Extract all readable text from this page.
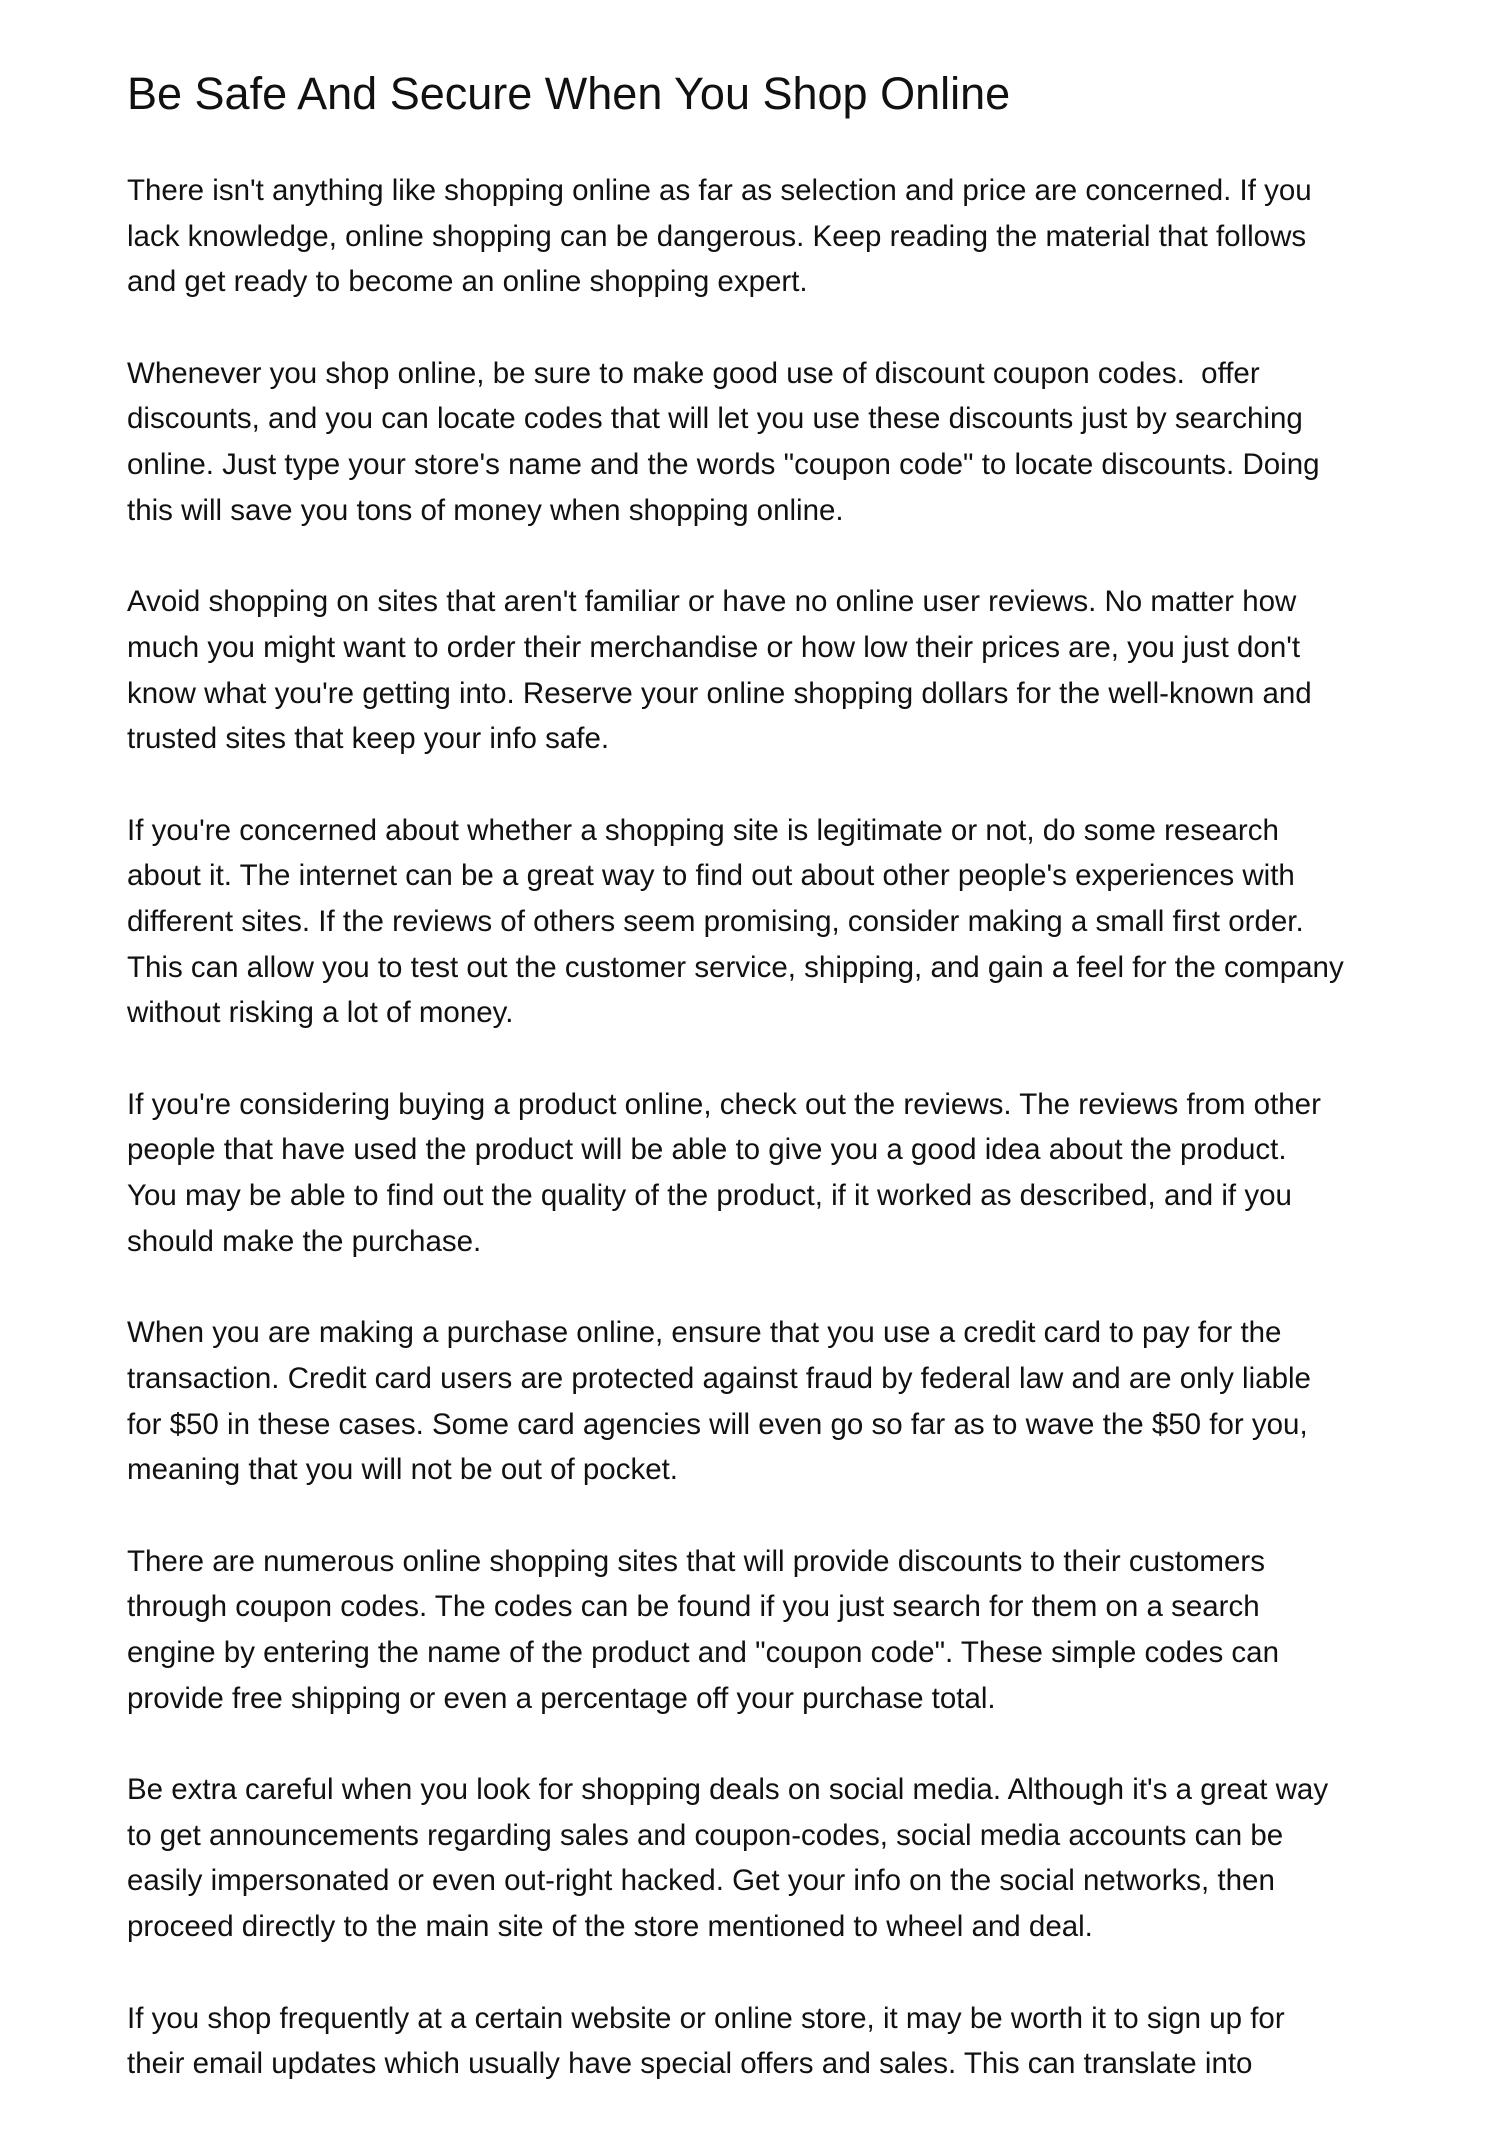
Be Safe And Secure When You Shop Online
There isn't anything like shopping online as far as selection and price are concerned. If you
lack knowledge, online shopping can be dangerous. Keep reading the material that follows
and get ready to become an online shopping expert.
Whenever you shop online, be sure to make good use of discount coupon codes.  offer
discounts, and you can locate codes that will let you use these discounts just by searching
online. Just type your store's name and the words "coupon code" to locate discounts. Doing
this will save you tons of money when shopping online.
Avoid shopping on sites that aren't familiar or have no online user reviews. No matter how
much you might want to order their merchandise or how low their prices are, you just don't
know what you're getting into. Reserve your online shopping dollars for the well-known and
trusted sites that keep your info safe.
If you're concerned about whether a shopping site is legitimate or not, do some research
about it. The internet can be a great way to find out about other people's experiences with
different sites. If the reviews of others seem promising, consider making a small first order.
This can allow you to test out the customer service, shipping, and gain a feel for the company
without risking a lot of money.
If you're considering buying a product online, check out the reviews. The reviews from other
people that have used the product will be able to give you a good idea about the product.
You may be able to find out the quality of the product, if it worked as described, and if you
should make the purchase.
When you are making a purchase online, ensure that you use a credit card to pay for the
transaction. Credit card users are protected against fraud by federal law and are only liable
for $50 in these cases. Some card agencies will even go so far as to wave the $50 for you,
meaning that you will not be out of pocket.
There are numerous online shopping sites that will provide discounts to their customers
through coupon codes. The codes can be found if you just search for them on a search
engine by entering the name of the product and "coupon code". These simple codes can
provide free shipping or even a percentage off your purchase total.
Be extra careful when you look for shopping deals on social media. Although it's a great way
to get announcements regarding sales and coupon-codes, social media accounts can be
easily impersonated or even out-right hacked. Get your info on the social networks, then
proceed directly to the main site of the store mentioned to wheel and deal.
If you shop frequently at a certain website or online store, it may be worth it to sign up for
their email updates which usually have special offers and sales. This can translate into
